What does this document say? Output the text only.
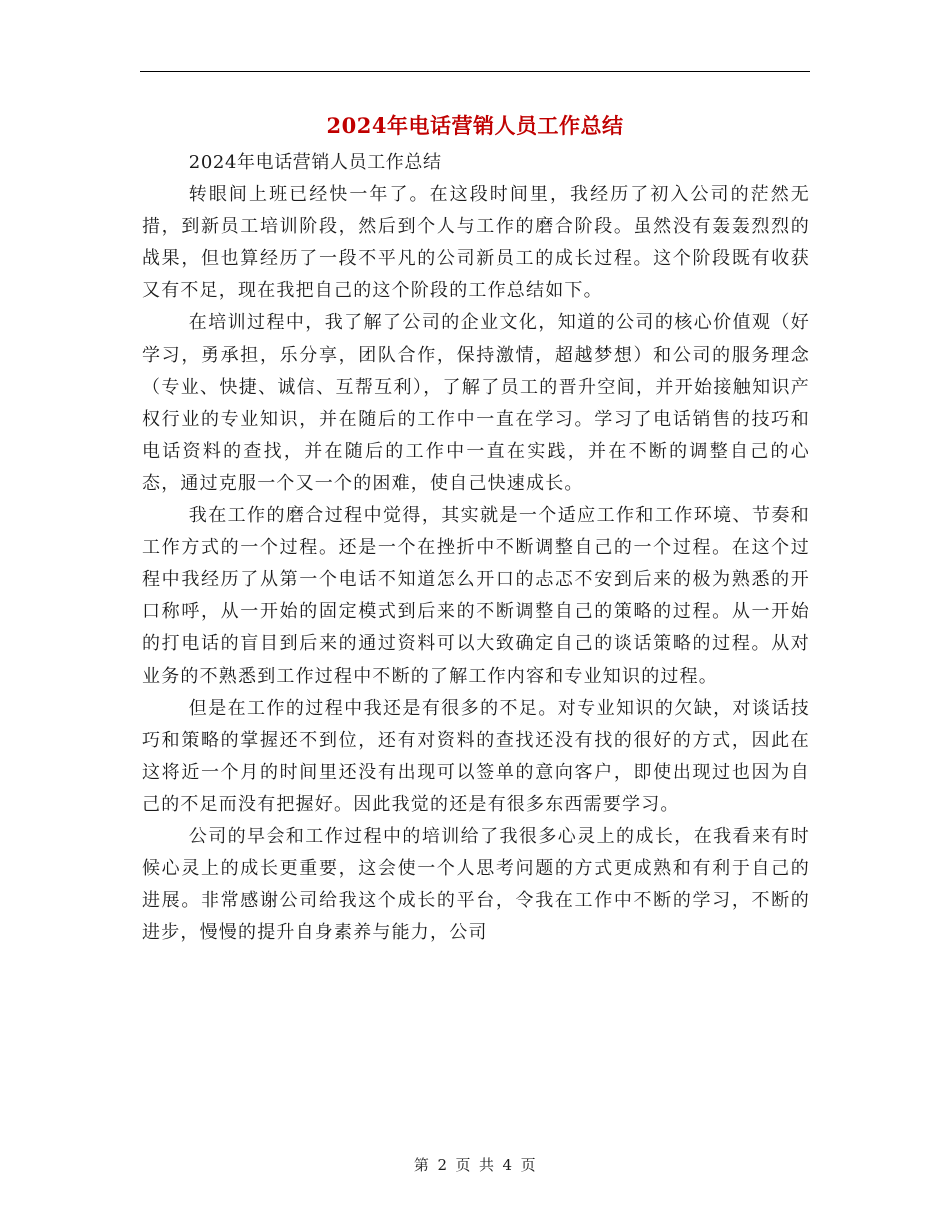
2024年电话营销人员工作总结

2024年电话营销人员工作总结

转眼间上班已经快一年了。在这段时间里，我经历了初入公司的茫然无措，到新员工培训阶段，然后到个人与工作的磨合阶段。虽然没有轰轰烈烈的战果，但也算经历了一段不平凡的公司新员工的成长过程。这个阶段既有收获又有不足，现在我把自己的这个阶段的工作总结如下。

在培训过程中，我了解了公司的企业文化，知道的公司的核心价值观（好学习，勇承担，乐分享，团队合作，保持激情，超越梦想）和公司的服务理念（专业、快捷、诚信、互帮互利），了解了员工的晋升空间，并开始接触知识产权行业的专业知识，并在随后的工作中一直在学习。学习了电话销售的技巧和电话资料的查找，并在随后的工作中一直在实践，并在不断的调整自己的心态，通过克服一个又一个的困难，使自己快速成长。

我在工作的磨合过程中觉得，其实就是一个适应工作和工作环境、节奏和工作方式的一个过程。还是一个在挫折中不断调整自己的一个过程。在这个过程中我经历了从第一个电话不知道怎么开口的忐忑不安到后来的极为熟悉的开口称呼，从一开始的固定模式到后来的不断调整自己的策略的过程。从一开始的打电话的盲目到后来的通过资料可以大致确定自己的谈话策略的过程。从对业务的不熟悉到工作过程中不断的了解工作内容和专业知识的过程。

但是在工作的过程中我还是有很多的不足。对专业知识的欠缺，对谈话技巧和策略的掌握还不到位，还有对资料的查找还没有找的很好的方式，因此在这将近一个月的时间里还没有出现可以签单的意向客户，即使出现过也因为自己的不足而没有把握好。因此我觉的还是有很多东西需要学习。

公司的早会和工作过程中的培训给了我很多心灵上的成长，在我看来有时候心灵上的成长更重要，这会使一个人思考问题的方式更成熟和有利于自己的进展。非常感谢公司给我这个成长的平台，令我在工作中不断的学习，不断的进步，慢慢的提升自身素养与能力，公司

第 2 页 共 4 页
